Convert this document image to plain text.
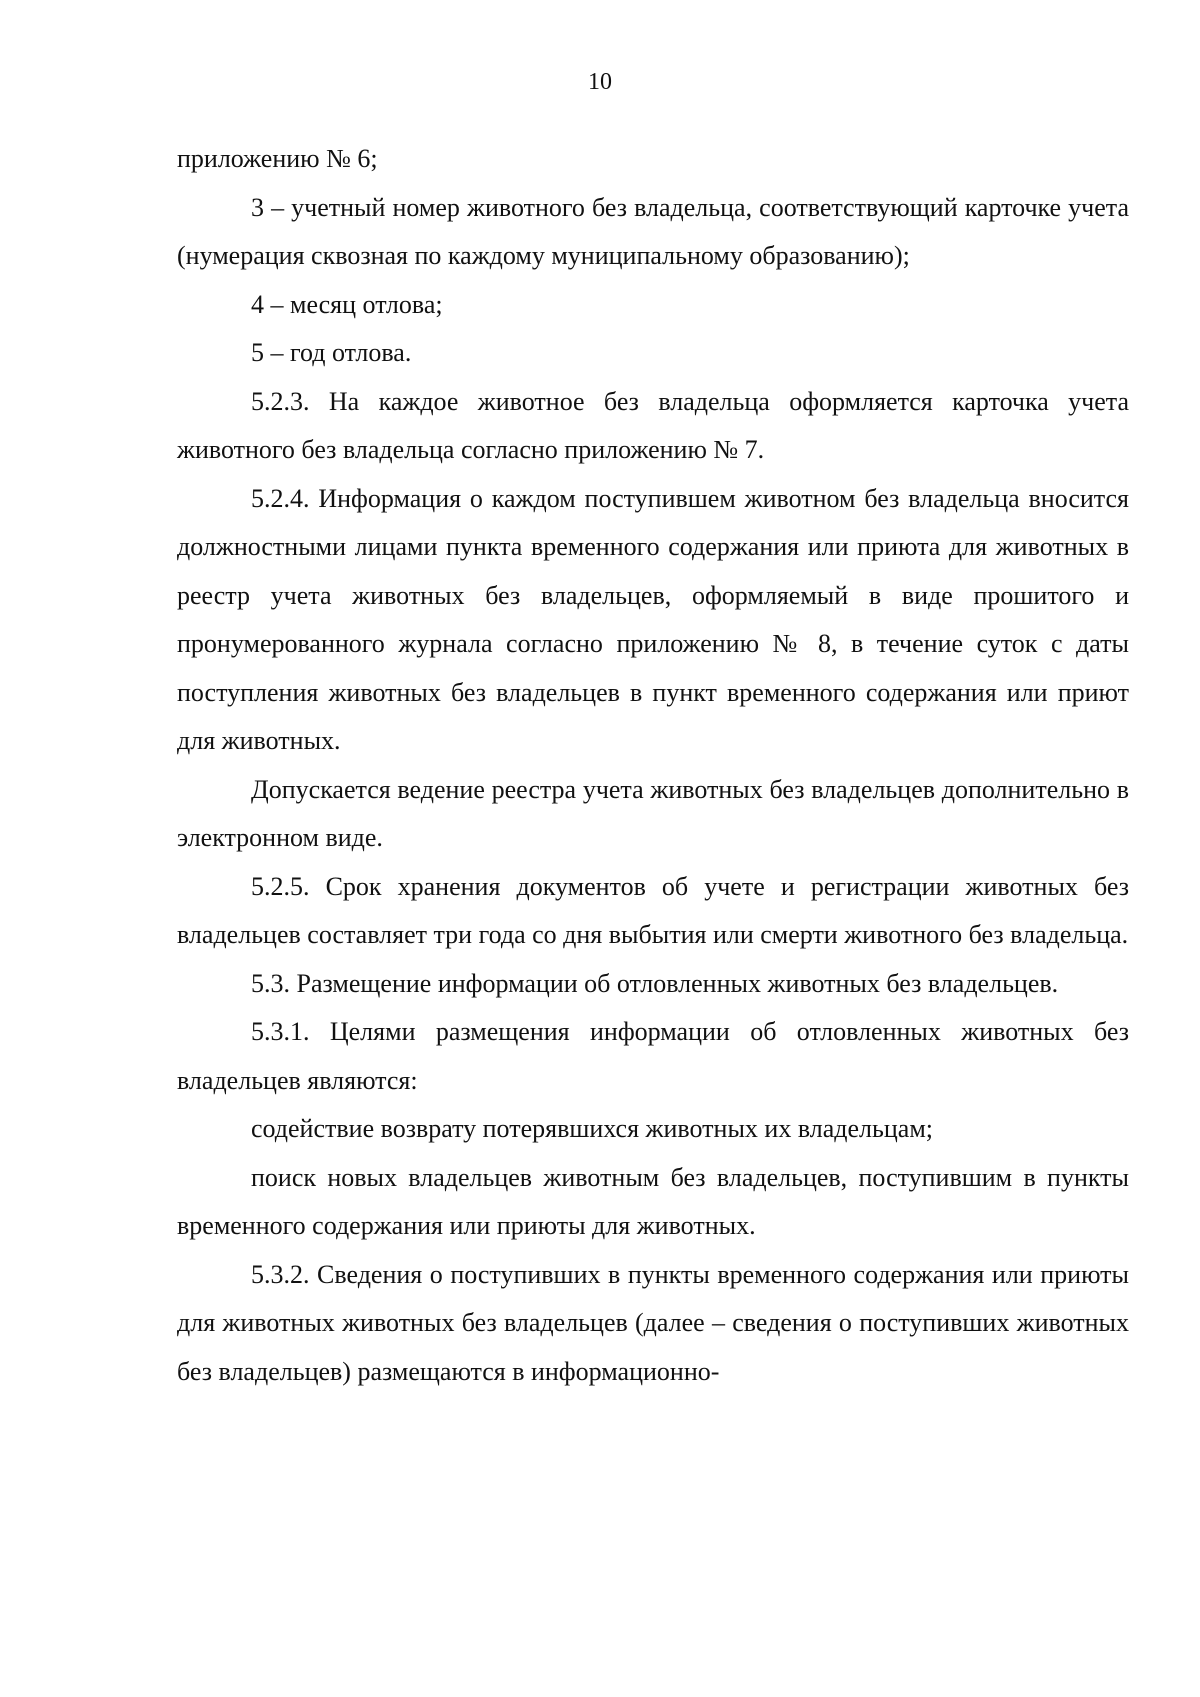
10

приложению № 6;

3 – учетный номер животного без владельца, соответствующий карточке учета (нумерация сквозная по каждому муниципальному образованию);

4 – месяц отлова;

5 – год отлова.

5.2.3. На каждое животное без владельца оформляется карточка учета животного без владельца согласно приложению № 7.

5.2.4. Информация о каждом поступившем животном без владельца вносится должностными лицами пункта временного содержания или приюта для животных в реестр учета животных без владельцев, оформляемый в виде прошитого и пронумерованного журнала согласно приложению № 8, в течение суток с даты поступления животных без владельцев в пункт временного содержания или приют для животных.

Допускается ведение реестра учета животных без владельцев дополнительно в электронном виде.

5.2.5. Срок хранения документов об учете и регистрации животных без владельцев составляет три года со дня выбытия или смерти животного без владельца.

5.3. Размещение информации об отловленных животных без владельцев.

5.3.1. Целями размещения информации об отловленных животных без владельцев являются:

содействие возврату потерявшихся животных их владельцам;

поиск новых владельцев животным без владельцев, поступившим в пункты временного содержания или приюты для животных.

5.3.2. Сведения о поступивших в пункты временного содержания или приюты для животных животных без владельцев (далее – сведения о поступивших животных без владельцев) размещаются в информационно-
